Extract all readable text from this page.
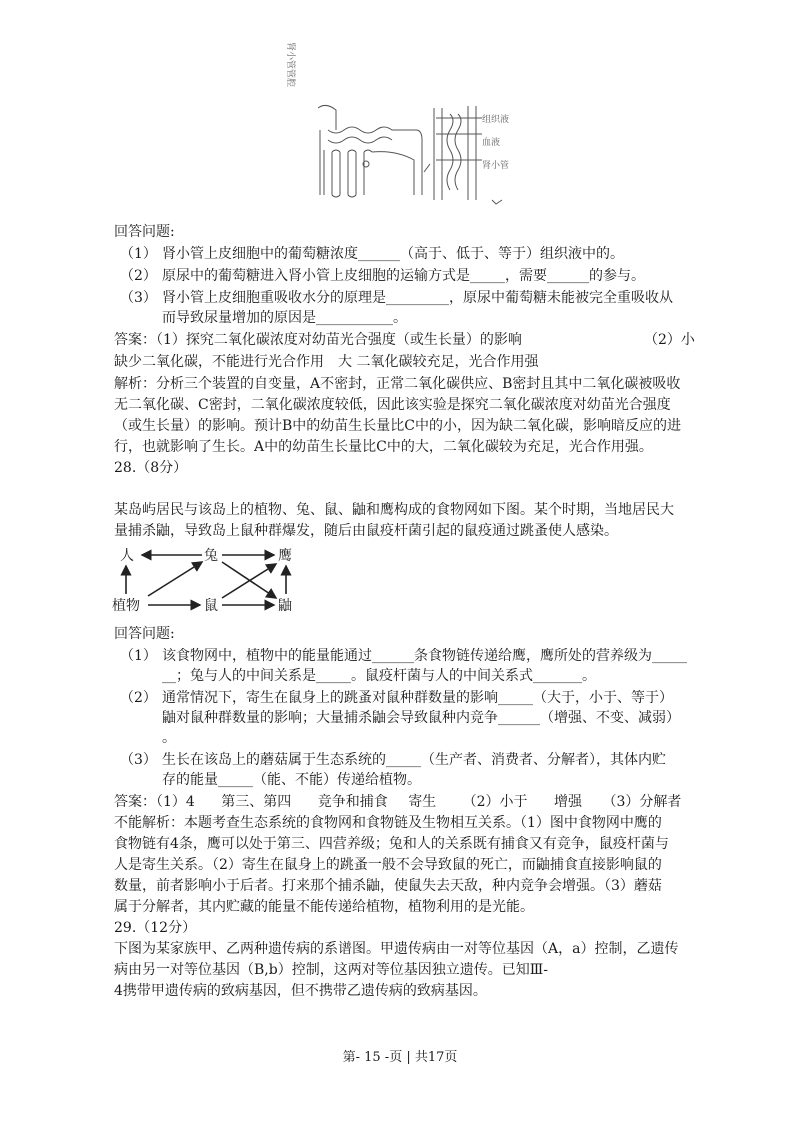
肾小管管腔
组织液
血液
肾小管
回答问题:
（1） 肾小管上皮细胞中的葡萄糖浓度______（高于、低于、等于）组织液中的。
（2） 原尿中的葡萄糖进入肾小管上皮细胞的运输方式是_____，需要______的参与。
（3） 肾小管上皮细胞重吸收水分的原理是_________，原尿中葡萄糖未能被完全重吸收从
而导致尿量增加的原因是___________。
答案：（1）探究二氧化碳浓度对幼苗光合强度（或生长量）的影响	（2）小
缺少二氧化碳，不能进行光合作用　大 二氧化碳较充足，光合作用强
解析：分析三个装置的自变量，A不密封，正常二氧化碳供应、B密封且其中二氧化碳被吸收
无二氧化碳、C密封，二氧化碳浓度较低，因此该实验是探究二氧化碳浓度对幼苗光合强度
（或生长量）的影响。预计B中的幼苗生长量比C中的小，因为缺二氧化碳，影响暗反应的进
行，也就影响了生长。A中的幼苗生长量比C中的大，二氧化碳较为充足，光合作用强。
28.（8分）
某岛屿居民与该岛上的植物、兔、鼠、鼬和鹰构成的食物网如下图。某个时期，当地居民大
量捕杀鼬，导致岛上鼠种群爆发，随后由鼠疫杆菌引起的鼠疫通过跳蚤使人感染。
人	兔	鹰
植物	鼠	鼬
回答问题:
（1） 该食物网中，植物中的能量能通过______条食物链传递给鹰，鹰所处的营养级为_____
__；兔与人的中间关系是_____。鼠疫杆菌与人的中间关系式_______。
（2） 通常情况下，寄生在鼠身上的跳蚤对鼠种群数量的影响_____（大于，小于、等于）
鼬对鼠种群数量的影响；大量捕杀鼬会导致鼠种内竞争______（增强、不变、减弱）
。
（3） 生长在该岛上的蘑菇属于生态系统的_____（生产者、消费者、分解者），其体内贮
存的能量_____（能、不能）传递给植物。
答案：（1）4 第三、第四 竞争和捕食 寄生 （2）小于 增强 （3）分解者
不能解析：本题考查生态系统的食物网和食物链及生物相互关系。（1）图中食物网中鹰的
食物链有4条，鹰可以处于第三、四营养级；兔和人的关系既有捕食又有竞争，鼠疫杆菌与
人是寄生关系。（2）寄生在鼠身上的跳蚤一般不会导致鼠的死亡，而鼬捕食直接影响鼠的
数量，前者影响小于后者。打来那个捕杀鼬，使鼠失去天敌，种内竞争会增强。（3）蘑菇
属于分解者，其内贮藏的能量不能传递给植物，植物利用的是光能。
29.（12分）
下图为某家族甲、乙两种遗传病的系谱图。甲遗传病由一对等位基因（A，a）控制，乙遗传
病由另一对等位基因（B,b）控制，这两对等位基因独立遗传。已知Ⅲ-
4携带甲遗传病的致病基因，但不携带乙遗传病的致病基因。
第- 15 -页 | 共17页
